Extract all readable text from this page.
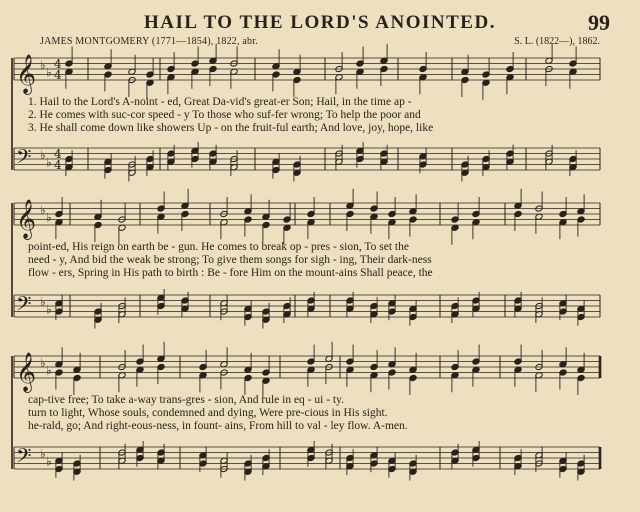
HAIL TO THE LORD'S ANOINTED.	99
JAMES MONTGOMERY (1771—1854), 1822, abr.	S. L. (1822—), 1862.
𝄞 ♭
♭
4
4
𝄢 ♭
♭
4
4
𝄞 ♭
♭
𝄢 ♭
♭
𝄞 ♭
♭
𝄢 ♭
♭
1. Hail to the Lord's A-noint - ed, Great Da-vid's great-er Son; Hail, in the time ap -
2. He comes with suc-cor speed - y To those who suf-fer wrong; To help the poor and
3. He shall come down like showers Up - on the fruit-ful earth; And love, joy, hope, like
point-ed, His reign on earth be - gun. He comes to break op - pres - sion, To set the
need - y, And bid the weak be strong; To give them songs for sigh - ing, Their dark-ness
flow - ers, Spring in His path to birth : Be - fore Him on the mount-ains Shall peace, the
cap-tive free; To take a-way trans-gres - sion, And rule in eq - ui - ty.
turn to light, Whose souls, condemned and dying, Were pre-cious in His sight.
he-rald, go; And right-eous-ness, in fount- ains, From hill to val - ley flow. A-men.
